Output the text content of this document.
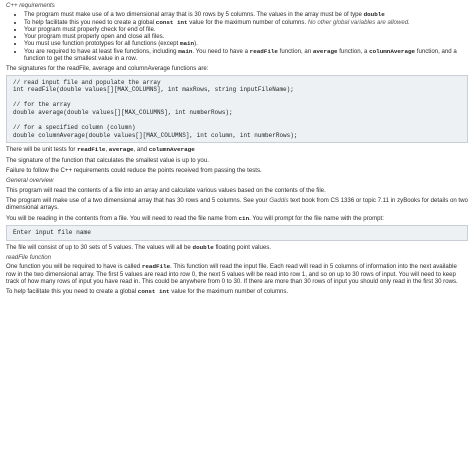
C++ requirements

• The program must make use of a two dimensional array that is 30 rows by 5 columns. The values in the array must be of type double
• To help facilitate this you need to create a global const int value for the maximum number of columns. No other global variables are allowed.
• Your program must properly check for end of file.
• Your program must properly open and close all files.
• You must use function prototypes for all functions (except main).
• You are required to have at least five functions, including main. You need to have a readFile function, an average function, a columnAverage function, and a function to get the smallest value in a row.

The signatures for the readFile, average and columnAverage functions are:

// read input file and populate the array
int readFile(double values[][MAX_COLUMNS], int maxRows, string inputFileName);
// for the array
double average(double values[][MAX_COLUMNS], int numberRows);
// for a specified column (column)
double columnAverage(double values[][MAX_COLUMNS], int column, int numberRows);

There will be unit tests for readFile, average, and columnAverage

The signature of the function that calculates the smallest value is up to you.

Failure to follow the C++ requirements could reduce the points received from passing the tests.

General overview

This program will read the contents of a file into an array and calculate various values based on the contents of the file.

The program will make use of a two dimensional array that has 30 rows and 5 columns. See your Gaddis text book from CS 1336 or topic 7.11 in zyBooks for details on two dimensional arrays.

You will be reading in the contents from a file. You will need to read the file name from cin. You will prompt for the file name with the prompt:

Enter input file name

The file will consist of up to 30 sets of 5 values. The values will all be double floating point values.

readFile function

One function you will be required to have is called readFile. This function will read the input file. Each read will read in 5 columns of information into the next available row in the two dimensional array. The first 5 values are read into row 0, the next 5 values will be read into row 1, and so on up to 30 rows of input. You will need to keep track of how many rows of input you have read in. This could be anywhere from 0 to 30. If there are more than 30 rows of input you should only read in the first 30 rows.

To help facilitate this you need to create a global const int value for the maximum number of columns.
